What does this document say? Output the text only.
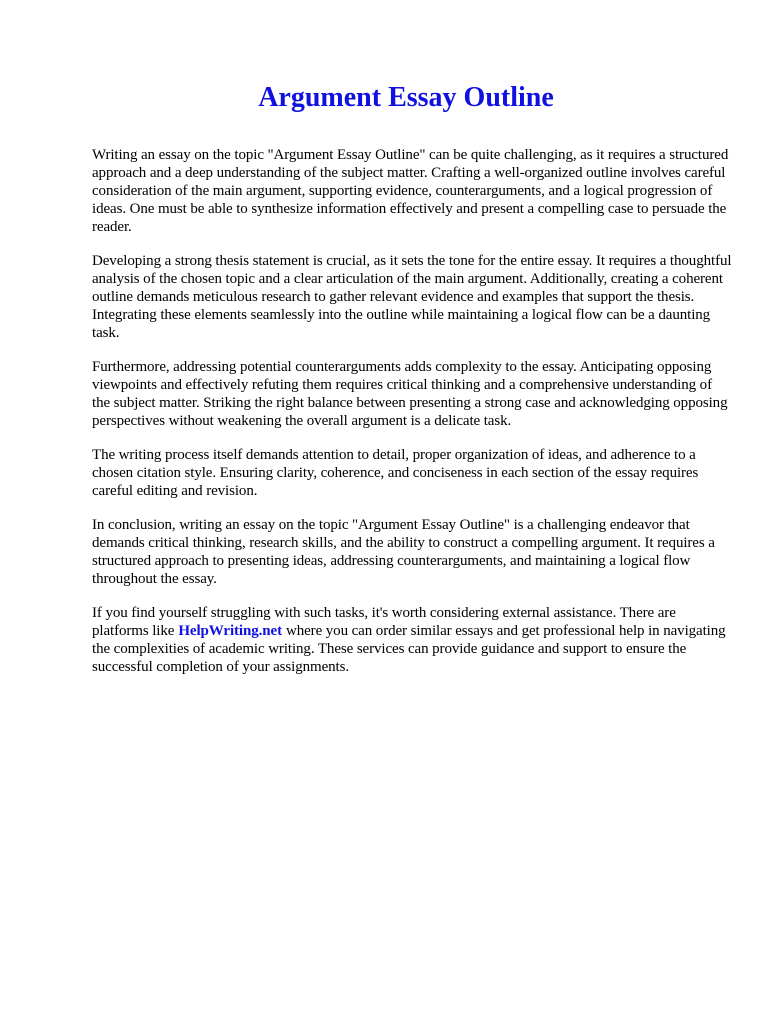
Argument Essay Outline

Writing an essay on the topic "Argument Essay Outline" can be quite challenging, as it requires a structured approach and a deep understanding of the subject matter. Crafting a well-organized outline involves careful consideration of the main argument, supporting evidence, counterarguments, and a logical progression of ideas. One must be able to synthesize information effectively and present a compelling case to persuade the reader.

Developing a strong thesis statement is crucial, as it sets the tone for the entire essay. It requires a thoughtful analysis of the chosen topic and a clear articulation of the main argument. Additionally, creating a coherent outline demands meticulous research to gather relevant evidence and examples that support the thesis. Integrating these elements seamlessly into the outline while maintaining a logical flow can be a daunting task.

Furthermore, addressing potential counterarguments adds complexity to the essay. Anticipating opposing viewpoints and effectively refuting them requires critical thinking and a comprehensive understanding of the subject matter. Striking the right balance between presenting a strong case and acknowledging opposing perspectives without weakening the overall argument is a delicate task.

The writing process itself demands attention to detail, proper organization of ideas, and adherence to a chosen citation style. Ensuring clarity, coherence, and conciseness in each section of the essay requires careful editing and revision.

In conclusion, writing an essay on the topic "Argument Essay Outline" is a challenging endeavor that demands critical thinking, research skills, and the ability to construct a compelling argument. It requires a structured approach to presenting ideas, addressing counterarguments, and maintaining a logical flow throughout the essay.

If you find yourself struggling with such tasks, it's worth considering external assistance. There are platforms like HelpWriting.net where you can order similar essays and get professional help in navigating the complexities of academic writing. These services can provide guidance and support to ensure the successful completion of your assignments.
